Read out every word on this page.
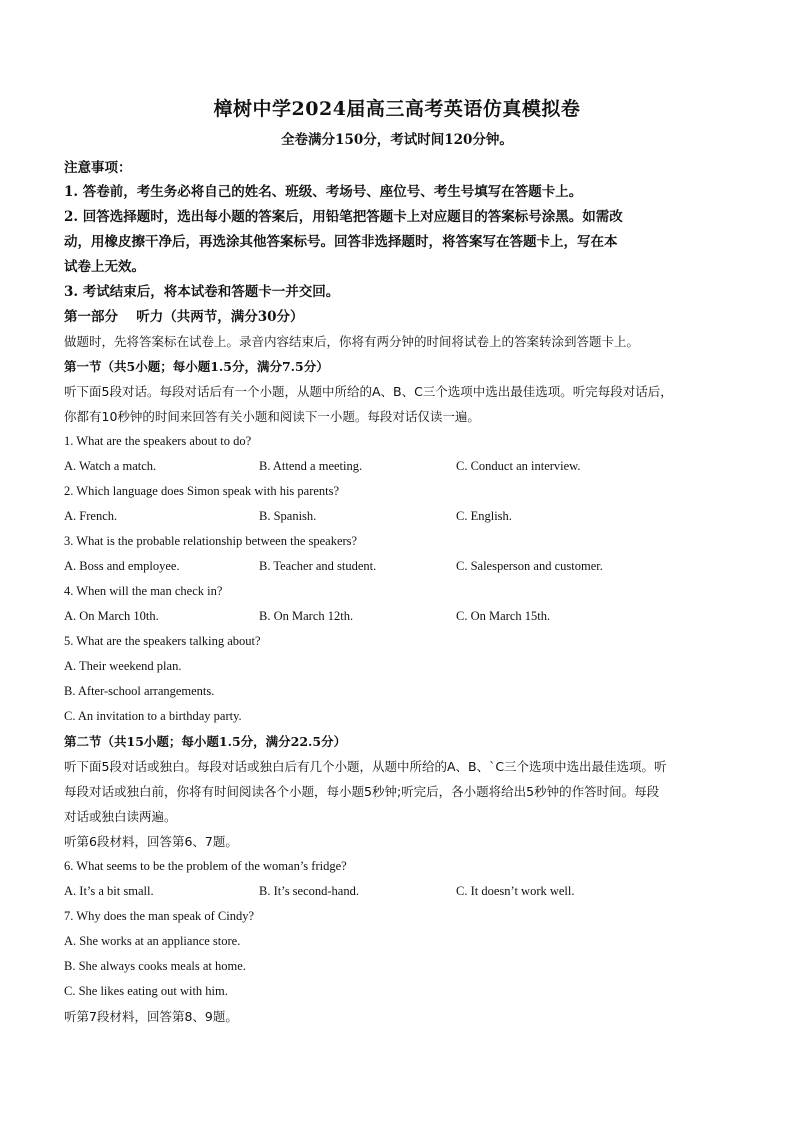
樟树中学2024届高三高考英语仿真模拟卷
全卷满分150分，考试时间120分钟。
注意事项：
1. 答卷前，考生务必将自己的姓名、班级、考场号、座位号、考生号填写在答题卡上。
2. 回答选择题时，选出每小题的答案后，用铅笔把答题卡上对应题目的答案标号涂黑。如需改
动，用橡皮擦干净后，再选涂其他答案标号。回答非选择题时，将答案写在答题卡上，写在本
试卷上无效。
3. 考试结束后，将本试卷和答题卡一并交回。
第一部分　 听力（共两节，满分30分）
做题时，先将答案标在试卷上。录音内容结束后，你将有两分钟的时间将试卷上的答案转涂到答题卡上。
第一节（共5小题；每小题1.5分，满分7.5分）
听下面5段对话。每段对话后有一个小题，从题中所给的A、B、C三个选项中选出最佳选项。听完每段对话后，
你都有10秒钟的时间来回答有关小题和阅读下一小题。每段对话仅读一遍。
1. What are the speakers about to do?
A. Watch a match.	B. Attend a meeting.	C. Conduct an interview.
2. Which language does Simon speak with his parents?
A. French.	B. Spanish.	C. English.
3. What is the probable relationship between the speakers?
A. Boss and employee.	B. Teacher and student.	C. Salesperson and customer.
4. When will the man check in?
A. On March 10th.	B. On March 12th.	C. On March 15th.
5. What are the speakers talking about?
A. Their weekend plan.
B. After-school arrangements.
C. An invitation to a birthday party.
第二节（共15小题；每小题1.5分，满分22.5分）
听下面5段对话或独白。每段对话或独白后有几个小题，从题中所给的A、B、`C三个选项中选出最佳选项。听
每段对话或独白前，你将有时间阅读各个小题，每小题5秒钟;听完后，各小题将给出5秒钟的作答时间。每段
对话或独白读两遍。
听第6段材料，回答第6、7题。
6. What seems to be the problem of the woman’s fridge?
A. It’s a bit small.	B. It’s second-hand.	C. It doesn’t work well.
7. Why does the man speak of Cindy?
A. She works at an appliance store.
B. She always cooks meals at home.
C. She likes eating out with him.
听第7段材料，回答第8、9题。
